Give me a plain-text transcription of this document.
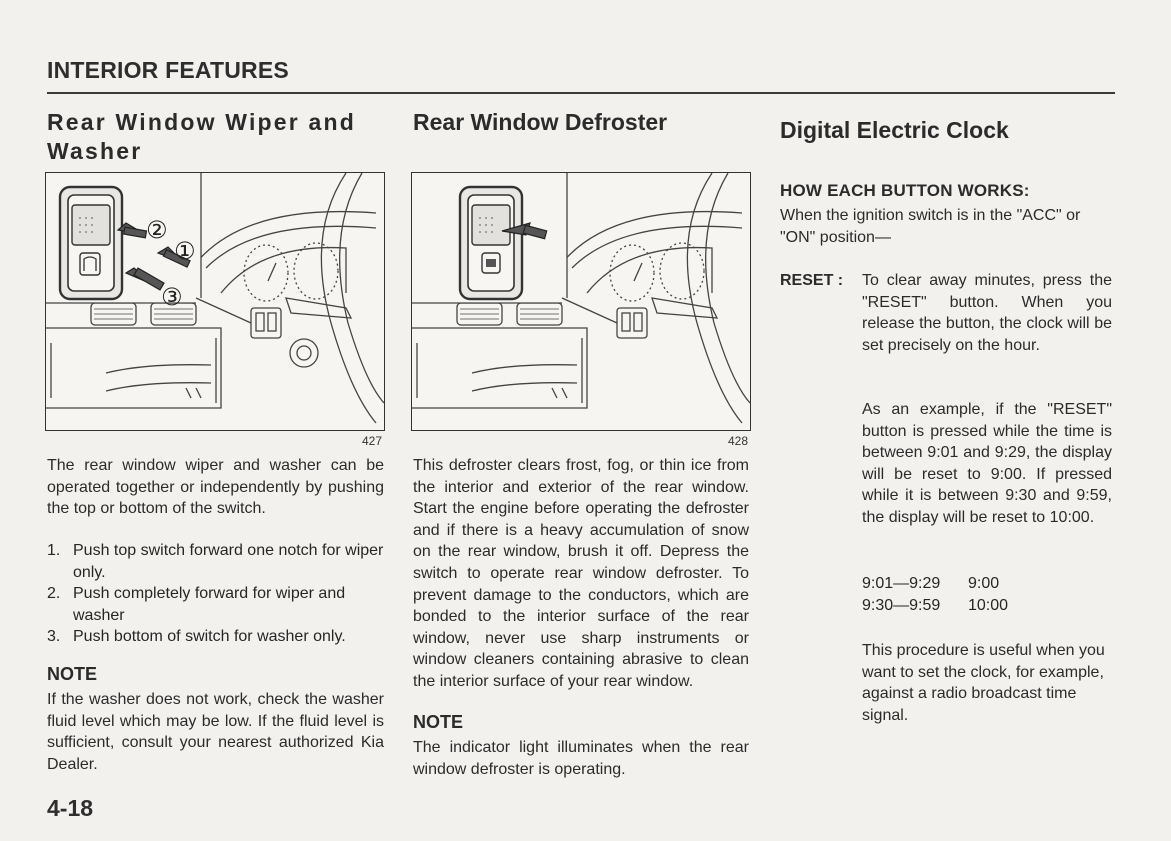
INTERIOR FEATURES
Rear Window Wiper and Washer
②
①
③
427

The rear window wiper and washer can be operated together or independently by pushing the top or bottom of the switch.

1. Push top switch forward one notch for wiper only.
2. Push completely forward for wiper and washer
3. Push bottom of switch for washer only.
NOTE

If the washer does not work, check the washer fluid level which may be low. If the fluid level is sufficient, consult your nearest authorized Kia Dealer.

Rear Window Defroster
428

This defroster clears frost, fog, or thin ice from the interior and exterior of the rear window. Start the engine before operating the defroster and if there is a heavy accumulation of snow on the rear window, brush it off. Depress the switch to operate rear window defroster. To prevent damage to the conductors, which are bonded to the interior surface of the rear window, never use sharp instruments or window cleaners containing abrasive to clean the interior surface of your rear window.

NOTE

The indicator light illuminates when the rear window defroster is operating.

Digital Electric Clock
HOW EACH BUTTON WORKS:

When the ignition switch is in the "ACC" or "ON" position—

RESET : To clear away minutes, press the "RESET" button. When you release the button, the clock will be set precisely on the hour.

As an example, if the "RESET" button is pressed while the time is between 9:01 and 9:29, the display will be reset to 9:00. If pressed while it is between 9:30 and 9:59, the display will be reset to 10:00.

9:01—9:29	9:00
9:30—9:59	10:00

This procedure is useful when you want to set the clock, for example, against a radio broadcast time signal.

4-18
